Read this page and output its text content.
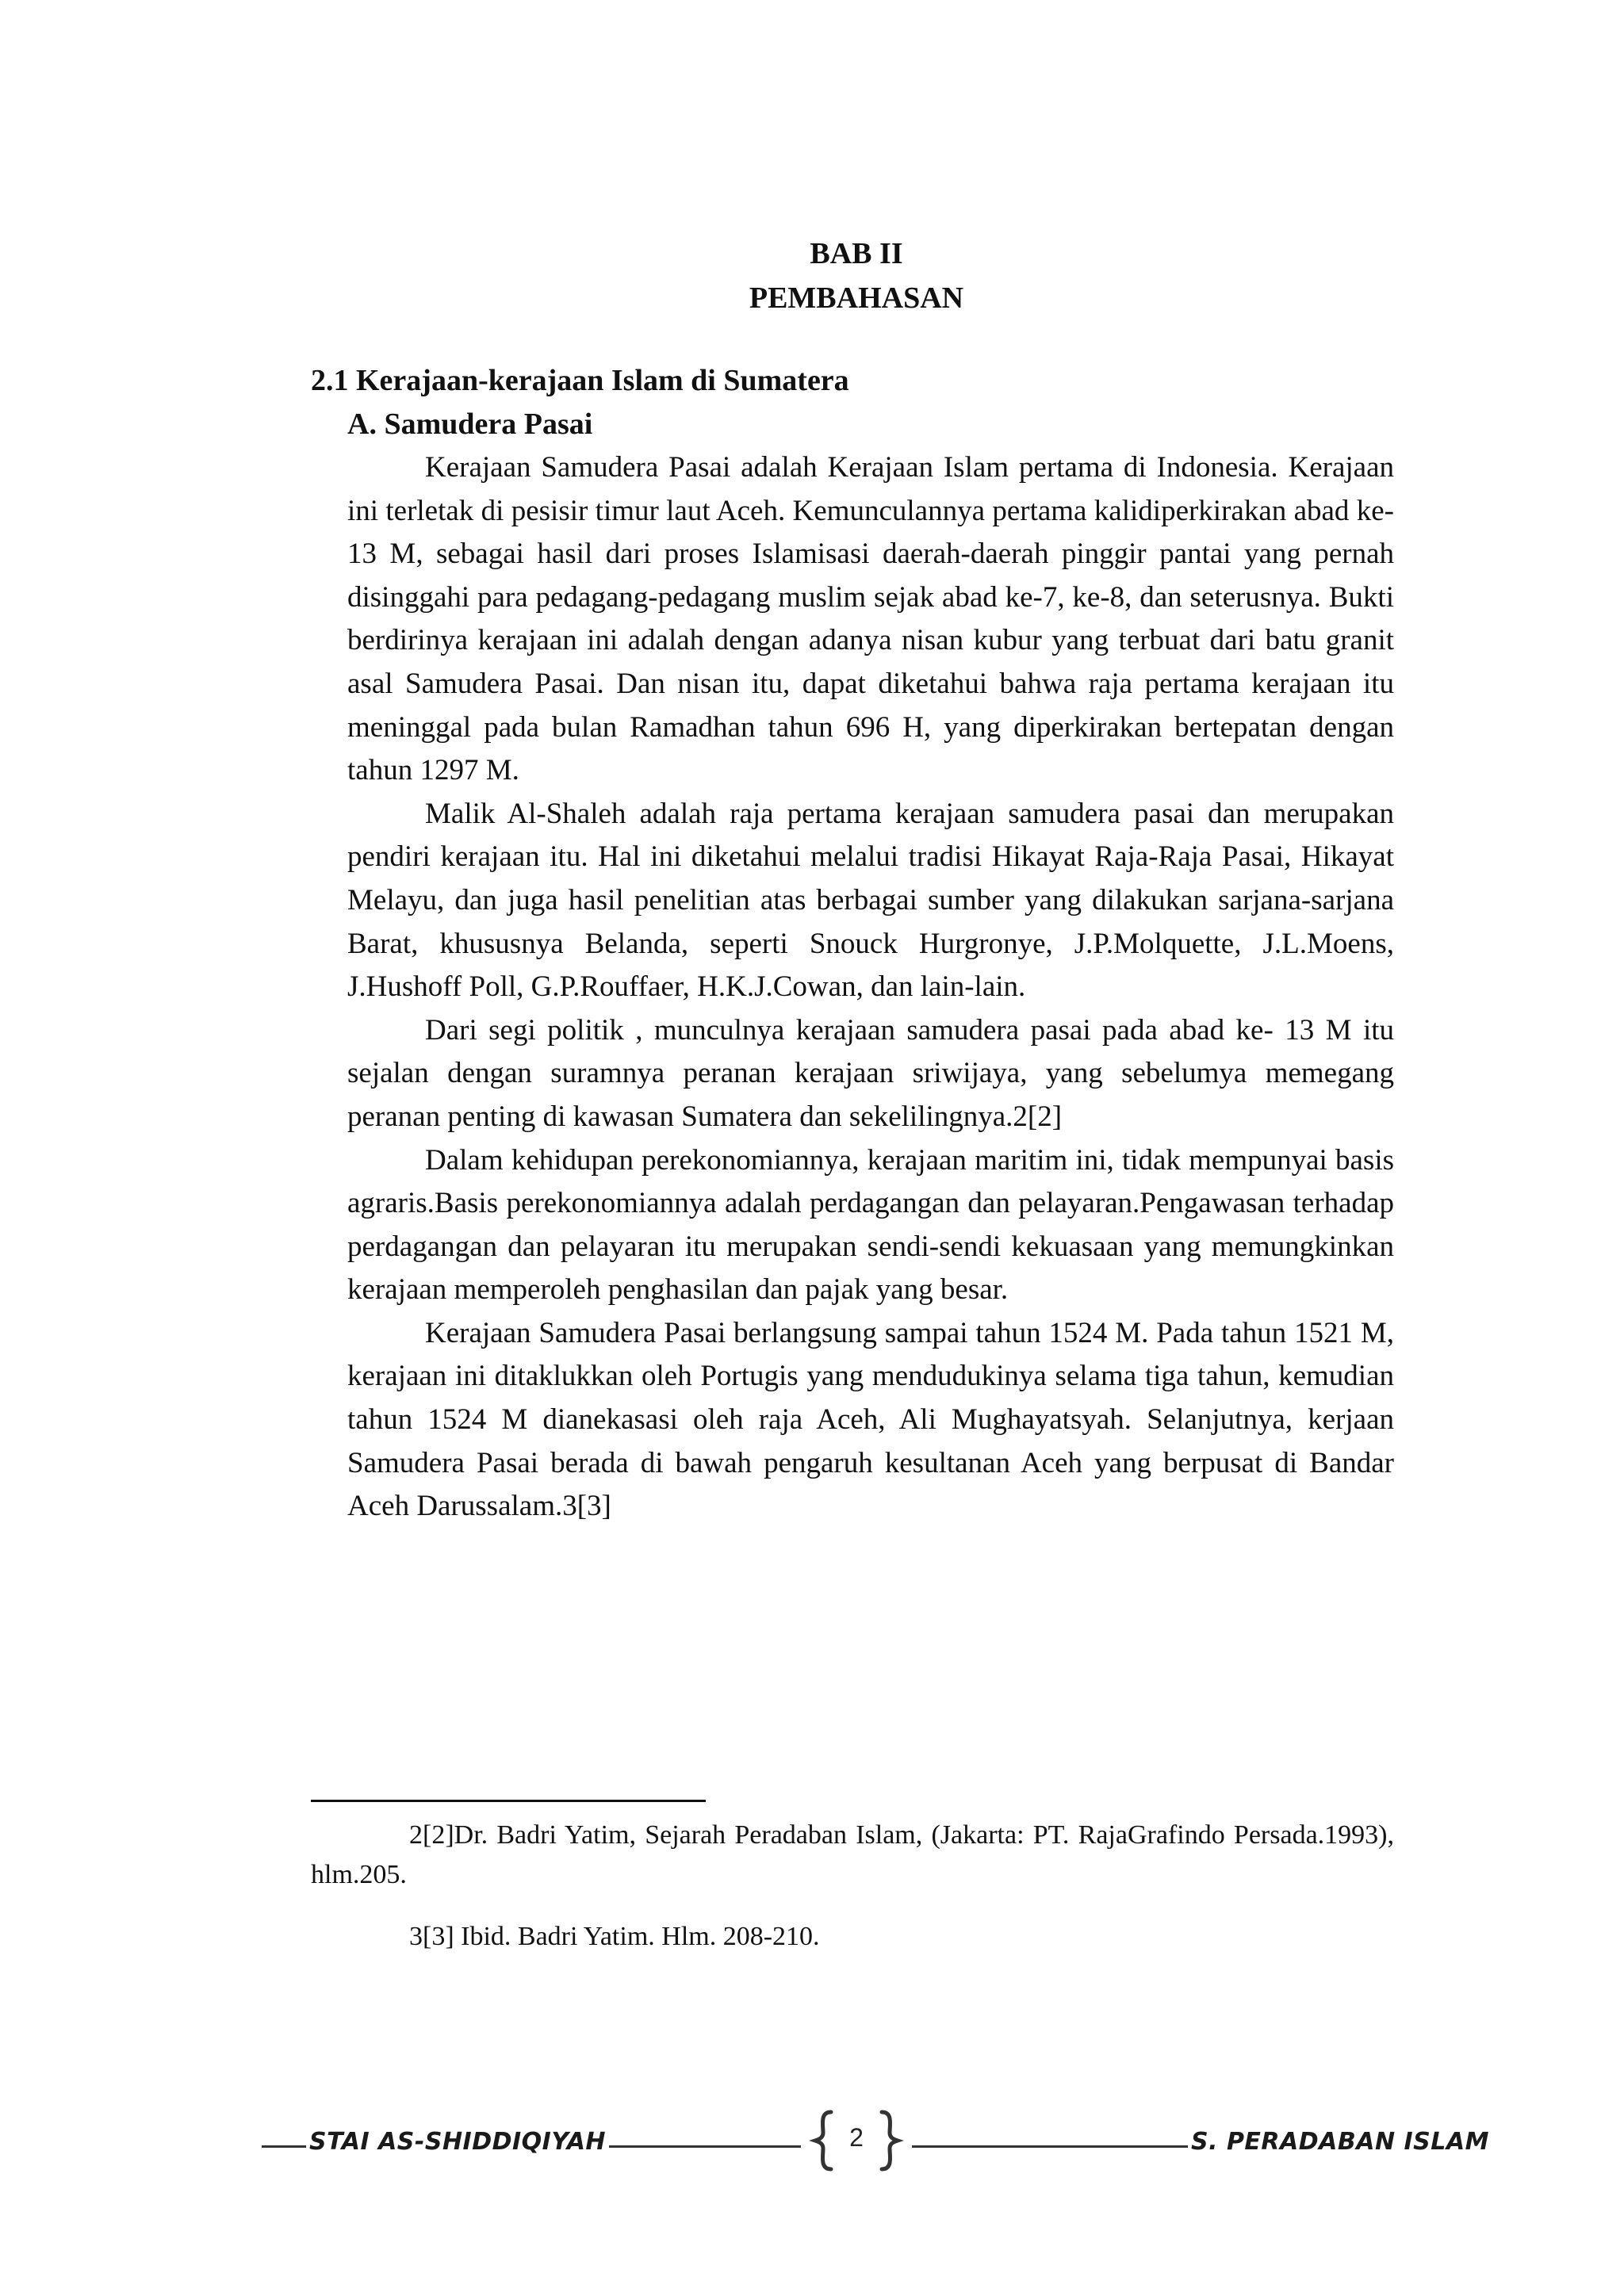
BAB II
PEMBAHASAN
2.1 Kerajaan-kerajaan Islam di Sumatera
A. Samudera Pasai

Kerajaan Samudera Pasai adalah Kerajaan Islam pertama di Indonesia. Kerajaan ini terletak di pesisir timur laut Aceh. Kemunculannya pertama kalidiperkirakan abad ke-13 M, sebagai hasil dari proses Islamisasi daerah-daerah pinggir pantai yang pernah disinggahi para pedagang-pedagang muslim sejak abad ke-7, ke-8, dan seterusnya. Bukti berdirinya kerajaan ini adalah dengan adanya nisan kubur yang terbuat dari batu granit asal Samudera Pasai. Dan nisan itu, dapat diketahui bahwa raja pertama kerajaan itu meninggal pada bulan Ramadhan tahun 696 H, yang diperkirakan bertepatan dengan tahun 1297 M.

Malik Al-Shaleh adalah raja pertama kerajaan samudera pasai dan merupakan pendiri kerajaan itu. Hal ini diketahui melalui tradisi Hikayat Raja-Raja Pasai, Hikayat Melayu, dan juga hasil penelitian atas berbagai sumber yang dilakukan sarjana-sarjana Barat, khususnya Belanda, seperti Snouck Hurgronye, J.P.Molquette, J.L.Moens, J.Hushoff Poll, G.P.Rouffaer, H.K.J.Cowan, dan lain-lain.

Dari segi politik , munculnya kerajaan samudera pasai pada abad ke- 13 M itu sejalan dengan suramnya peranan kerajaan sriwijaya, yang sebelumya memegang peranan penting di kawasan Sumatera dan sekelilingnya.2[2]

Dalam kehidupan perekonomiannya, kerajaan maritim ini, tidak mempunyai basis agraris.Basis perekonomiannya adalah perdagangan dan pelayaran.Pengawasan terhadap perdagangan dan pelayaran itu merupakan sendi-sendi kekuasaan yang memungkinkan kerajaan memperoleh penghasilan dan pajak yang besar.

Kerajaan Samudera Pasai berlangsung sampai tahun 1524 M. Pada tahun 1521 M, kerajaan ini ditaklukkan oleh Portugis yang mendudukinya selama tiga tahun, kemudian tahun 1524 M dianekasasi oleh raja Aceh, Ali Mughayatsyah. Selanjutnya, kerjaan Samudera Pasai berada di bawah pengaruh kesultanan Aceh yang berpusat di Bandar Aceh Darussalam.3[3]

2[2]Dr. Badri Yatim, Sejarah Peradaban Islam, (Jakarta: PT. RajaGrafindo Persada.1993), hlm.205.

3[3] Ibid. Badri Yatim. Hlm. 208-210.

STAI AS-SHIDDIQIYAH	2	S. PERADABAN ISLAM
